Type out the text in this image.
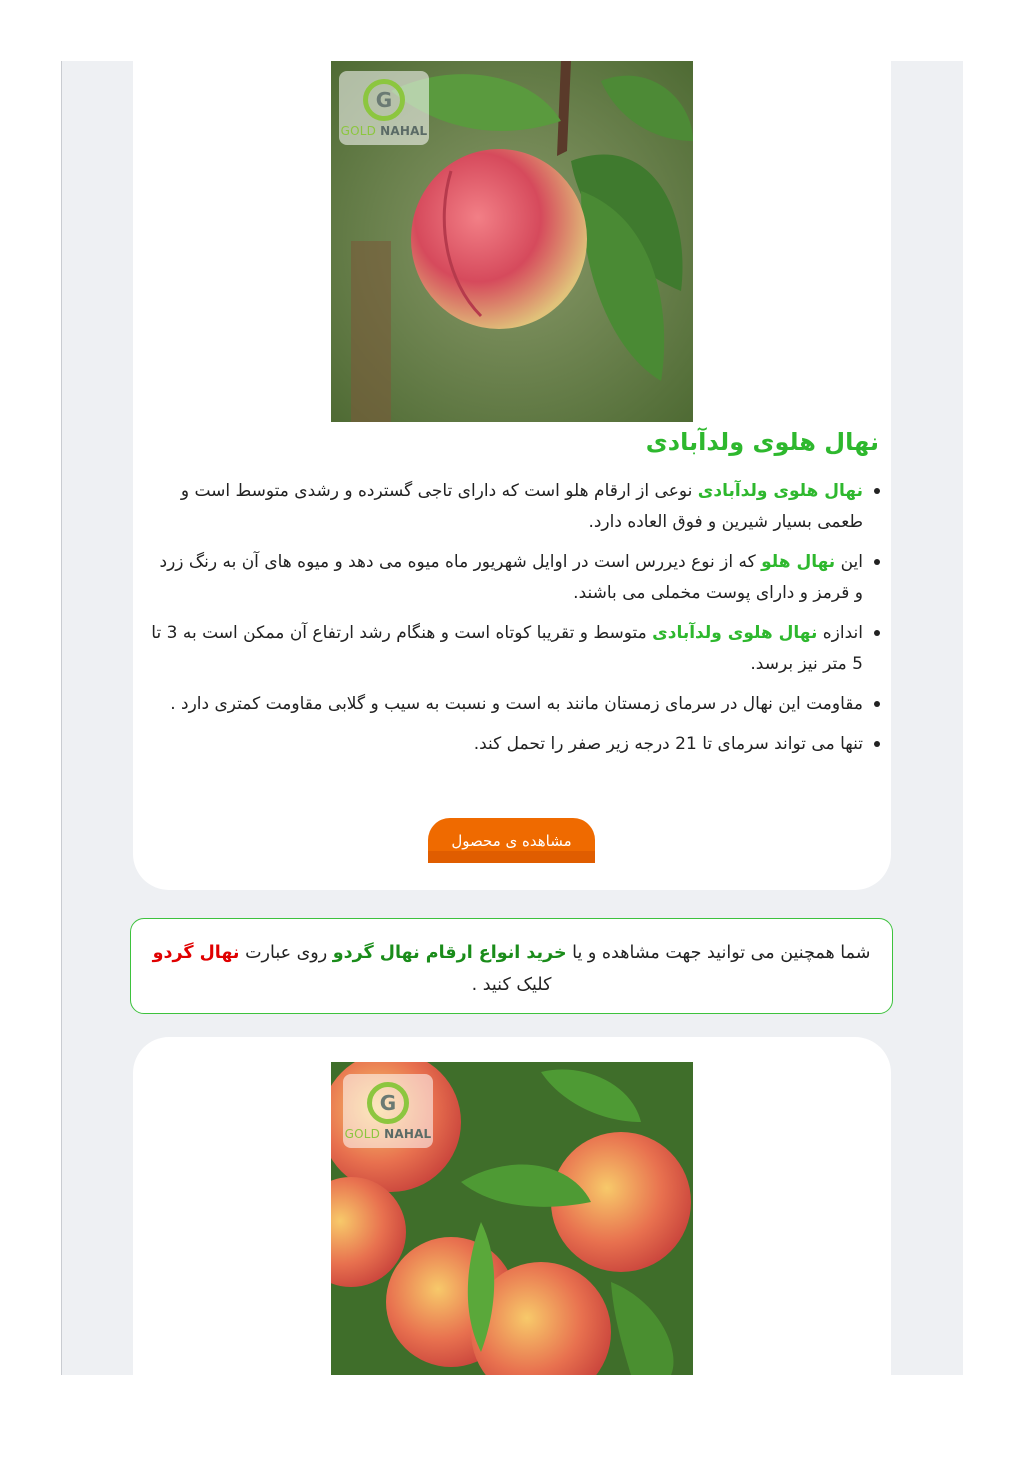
G
GOLD NAHAL
نهال هلوی ولدآبادی
نهال هلوی ولدآبادی نوعی از ارقام هلو است که دارای تاجی گسترده و رشدی متوسط است و طعمی بسیار شیرین و فوق العاده دارد.
این نهال هلو که از نوع دیررس است در اوایل شهریور ماه میوه می دهد و میوه های آن به رنگ زرد و قرمز و دارای پوست مخملی می باشند.
اندازه نهال هلوی ولدآبادی متوسط و تقریبا کوتاه است و هنگام رشد ارتفاع آن ممکن است به 3 تا 5 متر نیز برسد.
مقاومت این نهال در سرمای زمستان مانند به است و نسبت به سیب و گلابی مقاومت کمتری دارد .
تنها می تواند سرمای تا 21 درجه زیر صفر را تحمل کند.
مشاهده ی محصول
شما همچنین می توانید جهت مشاهده و یا خرید انواع ارقام نهال گردو روی عبارت نهال گردو کلیک کنید .
G
GOLD NAHAL
